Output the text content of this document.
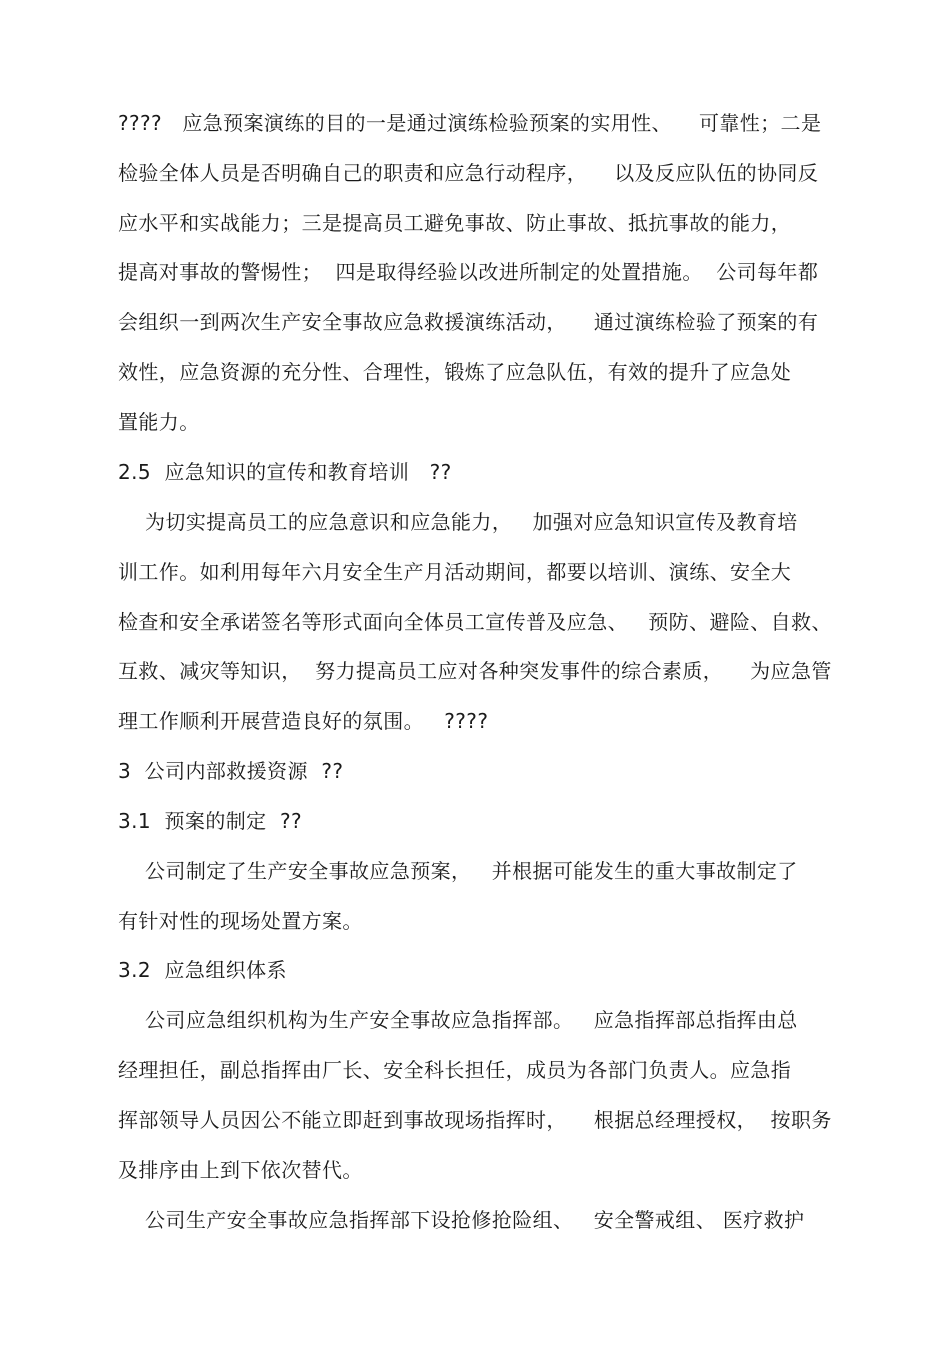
????   应急预案演练的目的一是通过演练检验预案的实用性、    可靠性；二是
检验全体人员是否明确自己的职责和应急行动程序，    以及反应队伍的协同反
应水平和实战能力；三是提高员工避免事故、防止事故、抵抗事故的能力，
提高对事故的警惕性；  四是取得经验以改进所制定的处置措施。  公司每年都
会组织一到两次生产安全事故应急救援演练活动，    通过演练检验了预案的有
效性，应急资源的充分性、合理性，锻炼了应急队伍，有效的提升了应急处
置能力。
2.5  应急知识的宣传和教育培训   ??
为切实提高员工的应急意识和应急能力，   加强对应急知识宣传及教育培
训工作。如利用每年六月安全生产月活动期间，都要以培训、演练、安全大
检查和安全承诺签名等形式面向全体员工宣传普及应急、   预防、避险、自救、
互救、减灾等知识，  努力提高员工应对各种突发事件的综合素质，    为应急管
理工作顺利开展营造良好的氛围。   ????
3  公司内部救援资源  ??
3.1  预案的制定  ??
公司制定了生产安全事故应急预案，   并根据可能发生的重大事故制定了
有针对性的现场处置方案。
3.2  应急组织体系
公司应急组织机构为生产安全事故应急指挥部。   应急指挥部总指挥由总
经理担任，副总指挥由厂长、安全科长担任，成员为各部门负责人。应急指
挥部领导人员因公不能立即赶到事故现场指挥时，    根据总经理授权，  按职务
及排序由上到下依次替代。
公司生产安全事故应急指挥部下设抢修抢险组、   安全警戒组、 医疗救护
